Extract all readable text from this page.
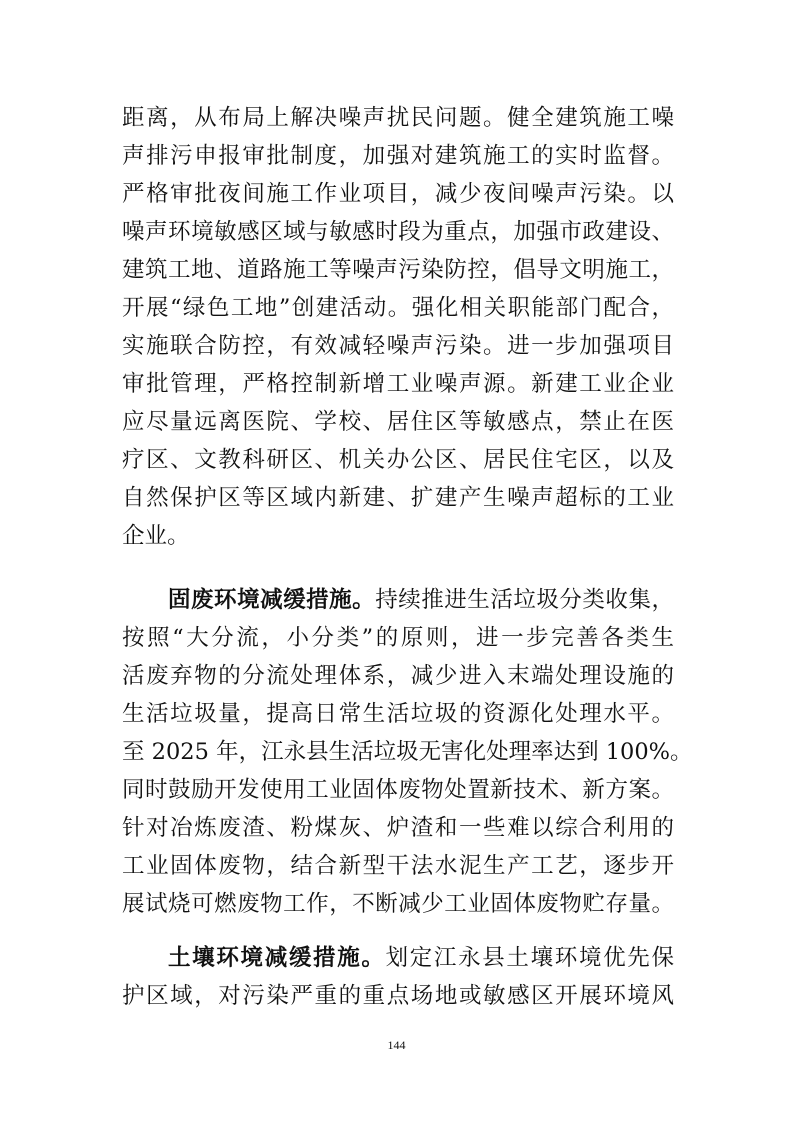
距离，从布局上解决噪声扰民问题。健全建筑施工噪
声排污申报审批制度，加强对建筑施工的实时监督。
严格审批夜间施工作业项目，减少夜间噪声污染。以
噪声环境敏感区域与敏感时段为重点，加强市政建设、
建筑工地、道路施工等噪声污染防控，倡导文明施工，
开展“绿色工地”创建活动。强化相关职能部门配合，
实施联合防控，有效减轻噪声污染。进一步加强项目
审批管理，严格控制新增工业噪声源。新建工业企业
应尽量远离医院、学校、居住区等敏感点，禁止在医
疗区、文教科研区、机关办公区、居民住宅区，以及
自然保护区等区域内新建、扩建产生噪声超标的工业
企业。
固废环境减缓措施。持续推进生活垃圾分类收集，
按照“大分流，小分类”的原则，进一步完善各类生
活废弃物的分流处理体系，减少进入末端处理设施的
生活垃圾量，提高日常生活垃圾的资源化处理水平。
至 2025 年，江永县生活垃圾无害化处理率达到 100%。
同时鼓励开发使用工业固体废物处置新技术、新方案。
针对冶炼废渣、粉煤灰、炉渣和一些难以综合利用的
工业固体废物，结合新型干法水泥生产工艺，逐步开
展试烧可燃废物工作，不断减少工业固体废物贮存量。
土壤环境减缓措施。划定江永县土壤环境优先保
护区域，对污染严重的重点场地或敏感区开展环境风
144
